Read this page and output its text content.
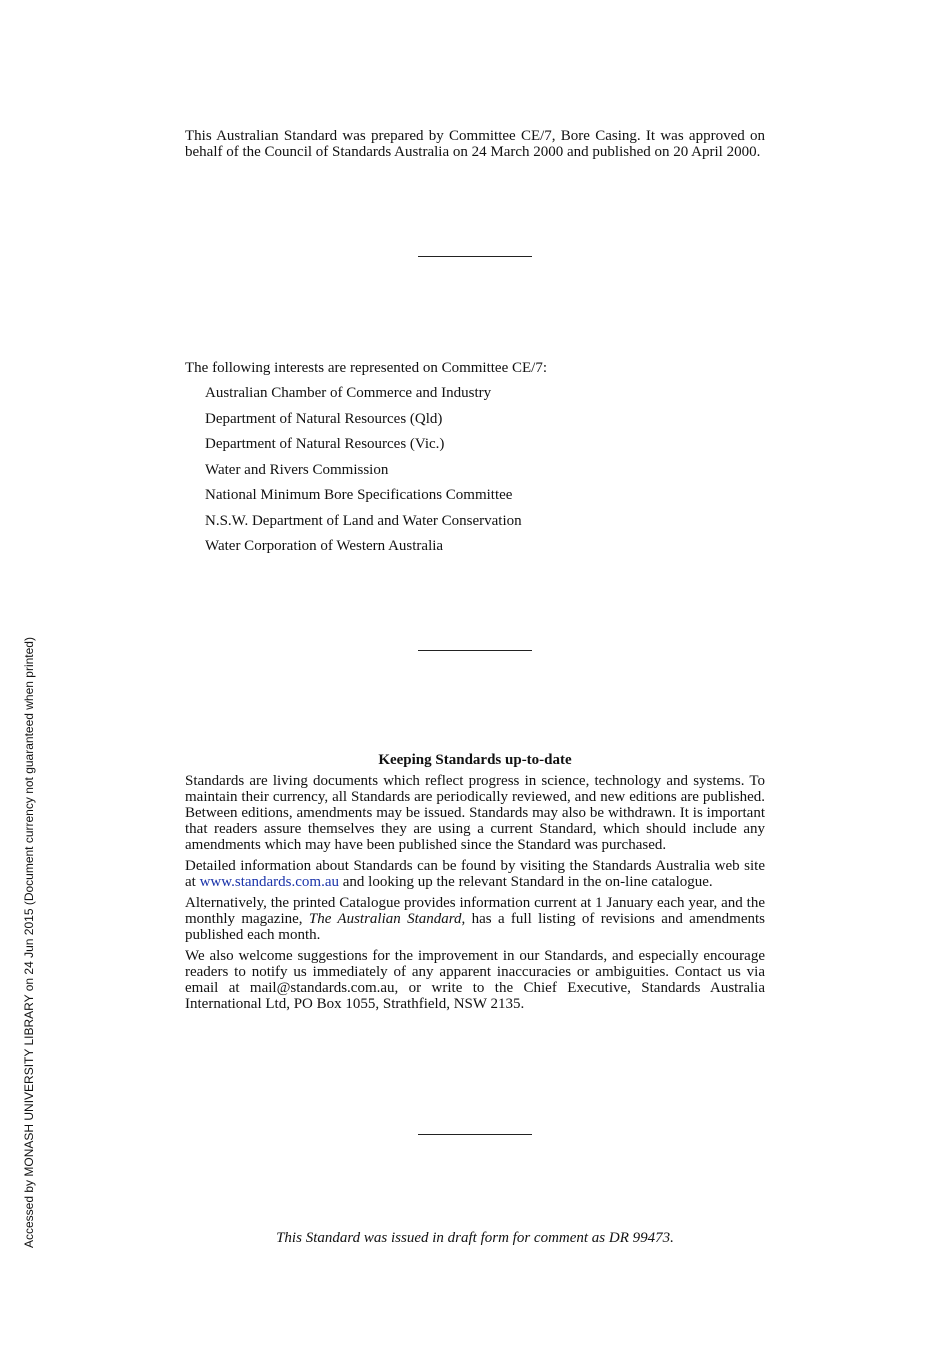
This Australian Standard was prepared by Committee CE/7, Bore Casing. It was approved on behalf of the Council of Standards Australia on 24 March 2000 and published on 20 April 2000.
The following interests are represented on Committee CE/7:
Australian Chamber of Commerce and Industry
Department of Natural Resources (Qld)
Department of Natural Resources (Vic.)
Water and Rivers Commission
National Minimum Bore Specifications Committee
N.S.W. Department of Land and Water Conservation
Water Corporation of Western Australia
Keeping Standards up-to-date

Standards are living documents which reflect progress in science, technology and systems. To maintain their currency, all Standards are periodically reviewed, and new editions are published. Between editions, amendments may be issued. Standards may also be withdrawn. It is important that readers assure themselves they are using a current Standard, which should include any amendments which may have been published since the Standard was purchased.

Detailed information about Standards can be found by visiting the Standards Australia web site at www.standards.com.au and looking up the relevant Standard in the on-line catalogue.

Alternatively, the printed Catalogue provides information current at 1 January each year, and the monthly magazine, The Australian Standard, has a full listing of revisions and amendments published each month.

We also welcome suggestions for the improvement in our Standards, and especially encourage readers to notify us immediately of any apparent inaccuracies or ambiguities. Contact us via email at mail@standards.com.au, or write to the Chief Executive, Standards Australia International Ltd, PO Box 1055, Strathfield, NSW 2135.

This Standard was issued in draft form for comment as DR 99473.
Accessed by MONASH UNIVERSITY LIBRARY on 24 Jun 2015 (Document currency not guaranteed when printed)
